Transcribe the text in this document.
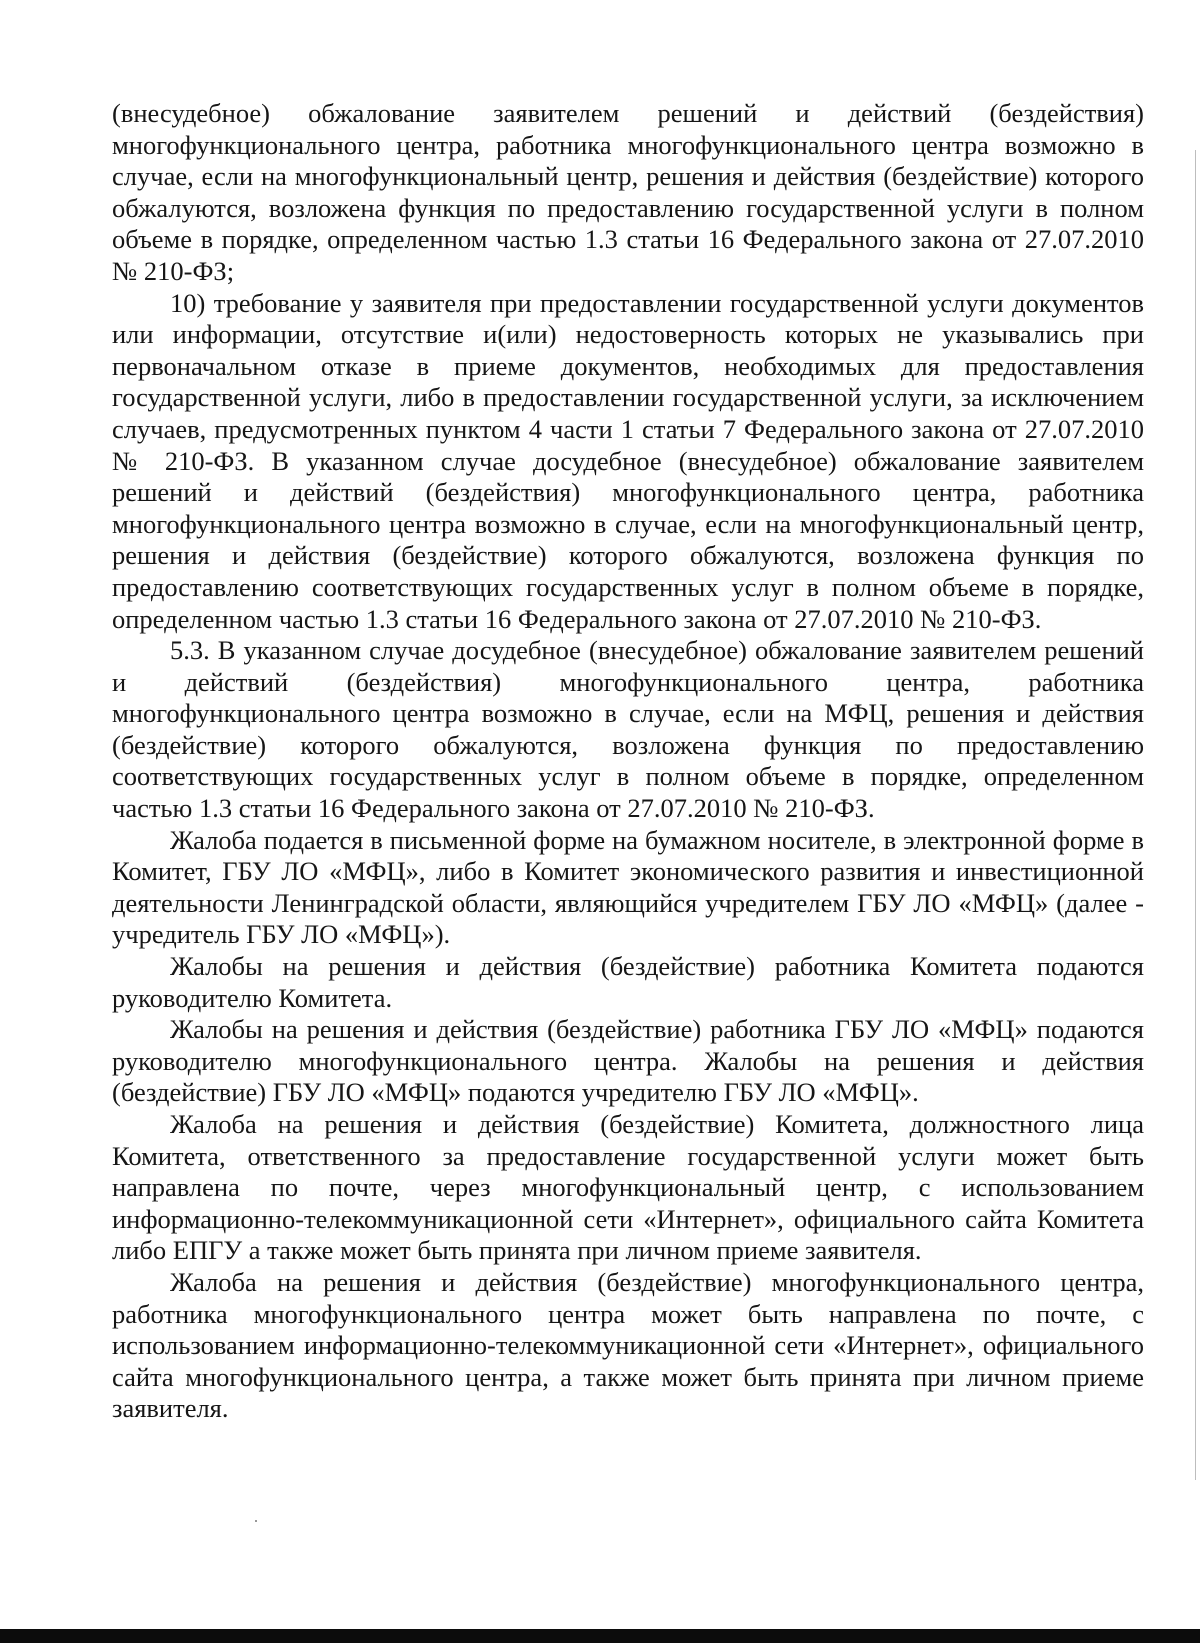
(внесудебное) обжалование заявителем решений и действий (бездействия) многофункционального центра, работника многофункционального центра возможно в случае, если на многофункциональный центр, решения и действия (бездействие) которого обжалуются, возложена функция по предоставлению государственной услуги в полном объеме в порядке, определенном частью 1.3 статьи 16 Федерального закона от 27.07.2010 № 210-ФЗ;

10) требование у заявителя при предоставлении государственной услуги документов или информации, отсутствие и(или) недостоверность которых не указывались при первоначальном отказе в приеме документов, необходимых для предоставления государственной услуги, либо в предоставлении государственной услуги, за исключением случаев, предусмотренных пунктом 4 части 1 статьи 7 Федерального закона от 27.07.2010 № 210-ФЗ. В указанном случае досудебное (внесудебное) обжалование заявителем решений и действий (бездействия) многофункционального центра, работника многофункционального центра возможно в случае, если на многофункциональный центр, решения и действия (бездействие) которого обжалуются, возложена функция по предоставлению соответствующих государственных услуг в полном объеме в порядке, определенном частью 1.3 статьи 16 Федерального закона от 27.07.2010 № 210-ФЗ.

5.3. В указанном случае досудебное (внесудебное) обжалование заявителем решений и действий (бездействия) многофункционального центра, работника многофункционального центра возможно в случае, если на МФЦ, решения и действия (бездействие) которого обжалуются, возложена функция по предоставлению соответствующих государственных услуг в полном объеме в порядке, определенном частью 1.3 статьи 16 Федерального закона от 27.07.2010 № 210-ФЗ.

Жалоба подается в письменной форме на бумажном носителе, в электронной форме в Комитет, ГБУ ЛО «МФЦ», либо в Комитет экономического развития и инвестиционной деятельности Ленинградской области, являющийся учредителем ГБУ ЛО «МФЦ» (далее - учредитель ГБУ ЛО «МФЦ»).

Жалобы на решения и действия (бездействие) работника Комитета подаются руководителю Комитета.

Жалобы на решения и действия (бездействие) работника ГБУ ЛО «МФЦ» подаются руководителю многофункционального центра. Жалобы на решения и действия (бездействие) ГБУ ЛО «МФЦ» подаются учредителю ГБУ ЛО «МФЦ».

Жалоба на решения и действия (бездействие) Комитета, должностного лица Комитета, ответственного за предоставление государственной услуги может быть направлена по почте, через многофункциональный центр, с использованием информационно-телекоммуникационной сети «Интернет», официального сайта Комитета либо ЕПГУ а также может быть принята при личном приеме заявителя.

Жалоба на решения и действия (бездействие) многофункционального центра, работника многофункционального центра может быть направлена по почте, с использованием информационно-телекоммуникационной сети «Интернет», официального сайта многофункционального центра, а также может быть принята при личном приеме заявителя.
